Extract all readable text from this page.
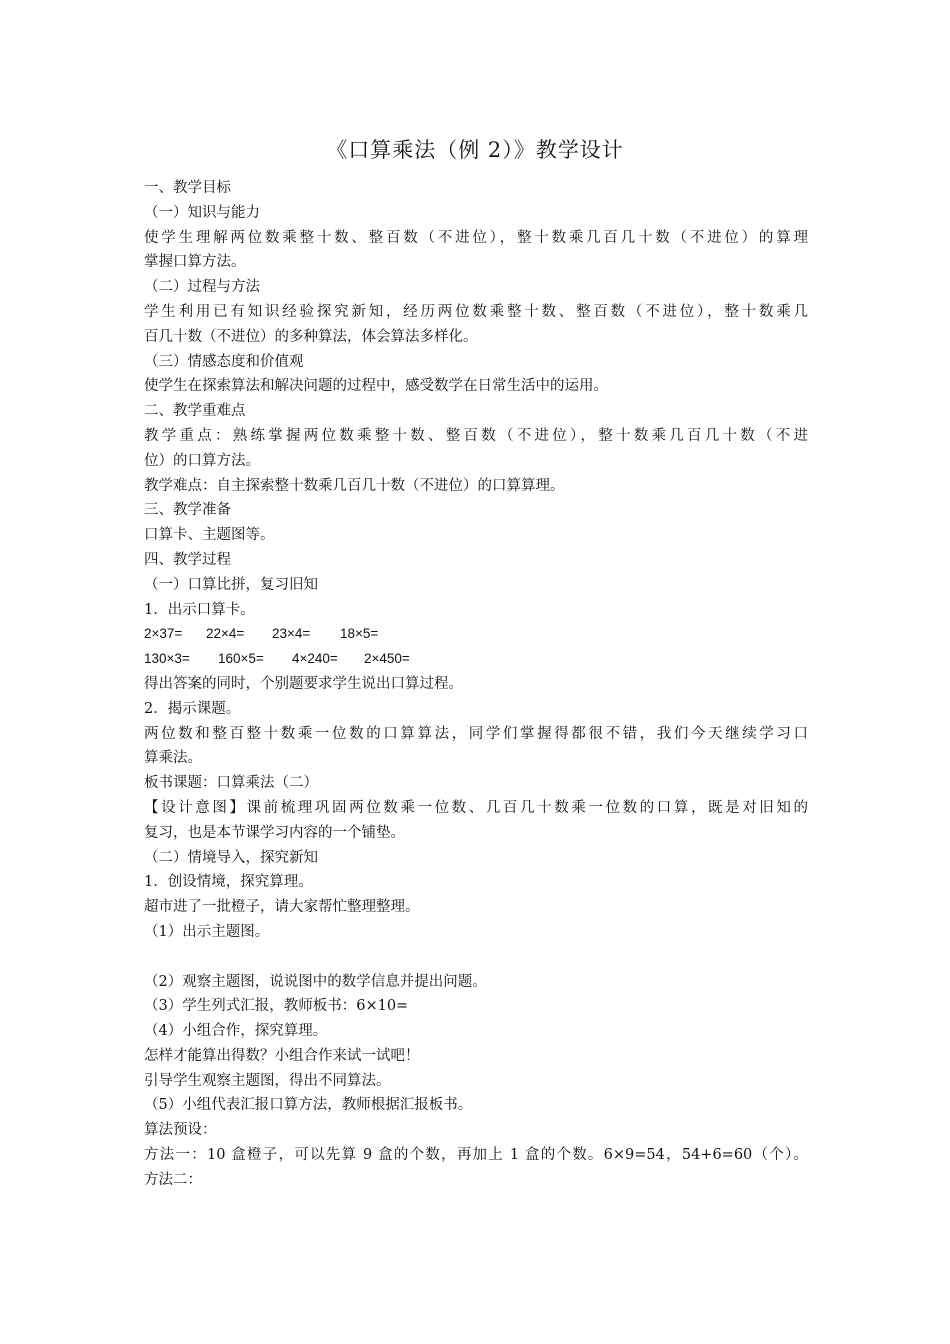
《口算乘法（例 2）》教学设计
一、教学目标
（一）知识与能力
使学生理解两位数乘整十数、整百数（不进位），整十数乘几百几十数（不进位）的算理
掌握口算方法。
（二）过程与方法
学生利用已有知识经验探究新知，经历两位数乘整十数、整百数（不进位），整十数乘几
百几十数（不进位）的多种算法，体会算法多样化。
（三）情感态度和价值观
使学生在探索算法和解决问题的过程中，感受数学在日常生活中的运用。
二、教学重难点
教学重点：熟练掌握两位数乘整十数、整百数（不进位），整十数乘几百几十数（不进
位）的口算方法。
教学难点：自主探索整十数乘几百几十数（不进位）的口算算理。
三、教学准备
口算卡、主题图等。
四、教学过程
（一）口算比拼，复习旧知
1．出示口算卡。
2×37= 22×4= 23×4= 18×5=
130×3= 160×5= 4×240= 2×450=
得出答案的同时，个别题要求学生说出口算过程。
2．揭示课题。
两位数和整百整十数乘一位数的口算算法，同学们掌握得都很不错，我们今天继续学习口
算乘法。
板书课题：口算乘法（二）
【设计意图】课前梳理巩固两位数乘一位数、几百几十数乘一位数的口算，既是对旧知的
复习，也是本节课学习内容的一个铺垫。
（二）情境导入，探究新知
1．创设情境，探究算理。
超市进了一批橙子，请大家帮忙整理整理。
（1）出示主题图。
（2）观察主题图，说说图中的数学信息并提出问题。
（3）学生列式汇报，教师板书：6×10=
（4）小组合作，探究算理。
怎样才能算出得数？小组合作来试一试吧！
引导学生观察主题图，得出不同算法。
（5）小组代表汇报口算方法，教师根据汇报板书。
算法预设：
方法一：10 盒橙子，可以先算 9 盒的个数，再加上 1 盒的个数。6×9=54，54+6=60（个）。
方法二：
